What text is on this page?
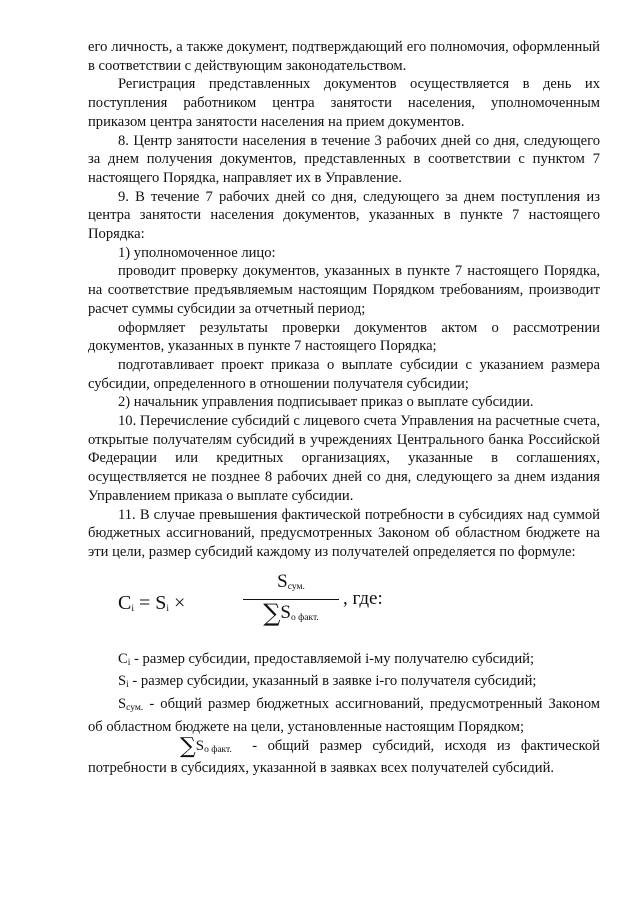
его личность, а также документ, подтверждающий его полномочия, оформленный в соответствии с действующим законодательством.

Регистрация представленных документов осуществляется в день их поступления работником центра занятости населения, уполномоченным приказом центра занятости населения на прием документов.

8. Центр занятости населения в течение 3 рабочих дней со дня, следующего за днем получения документов, представленных в соответствии с пунктом 7 настоящего Порядка, направляет их в Управление.

9. В течение 7 рабочих дней со дня, следующего за днем поступления из центра занятости населения документов, указанных в пункте 7 настоящего Порядка:

1) уполномоченное лицо:

проводит проверку документов, указанных в пункте 7 настоящего Порядка, на соответствие предъявляемым настоящим Порядком требованиям, производит расчет суммы субсидии за отчетный период;

оформляет результаты проверки документов актом о рассмотрении документов, указанных в пункте 7 настоящего Порядка;

подготавливает проект приказа о выплате субсидии с указанием размера субсидии, определенного в отношении получателя субсидии;

2) начальник управления подписывает приказ о выплате субсидии.

10. Перечисление субсидий с лицевого счета Управления на расчетные счета, открытые получателям субсидий в учреждениях Центрального банка Российской Федерации или кредитных организациях, указанные в соглашениях, осуществляется не позднее 8 рабочих дней со дня, следующего за днем издания Управлением приказа о выплате субсидии.

11. В случае превышения фактической потребности в субсидиях над суммой бюджетных ассигнований, предусмотренных Законом об областном бюджете на эти цели, размер субсидий каждому из получателей определяется по формуле:

$C_i = S_i$ ×
$S_{сум.}$
$\sum S_{о факт.}$
, где:

$С_i$ - размер субсидии, предоставляемой i-му получателю субсидий;

$S_i$ - размер субсидии, указанный в заявке i-го получателя субсидий;

$S_{сум.}$ - общий размер бюджетных ассигнований, предусмотренный Законом об областном бюджете на цели, установленные настоящим Порядком;

$\sum S_{о факт.}$ - общий размер субсидий, исходя из фактической потребности в субсидиях, указанной в заявках всех получателей субсидий.
